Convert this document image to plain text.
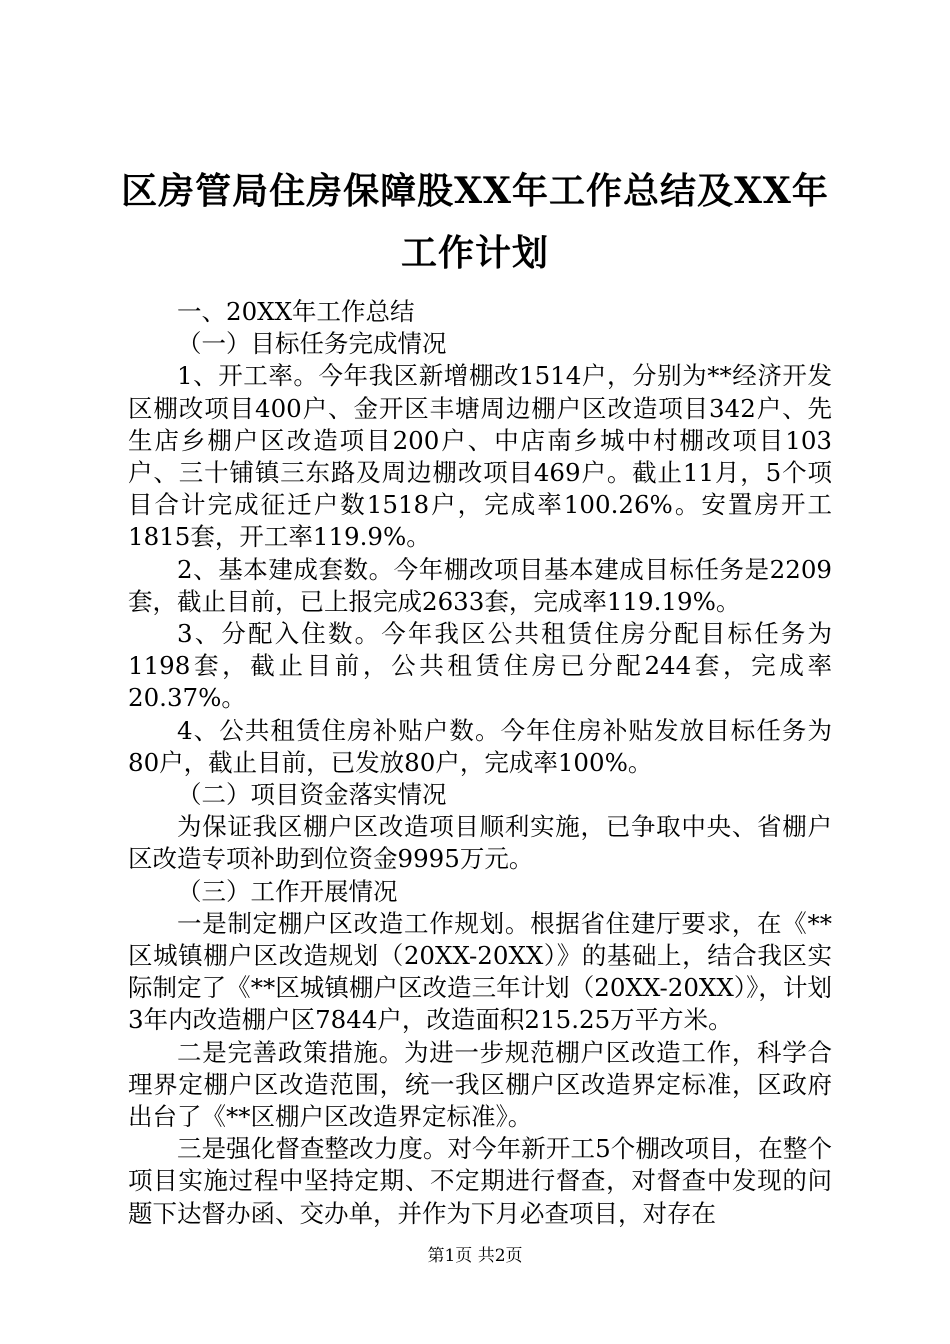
区房管局住房保障股XX年工作总结及XX年工作计划

一、20XX年工作总结

（一）目标任务完成情况

1、开工率。今年我区新增棚改1514户，分别为**经济开发区棚改项目400户、金开区丰塘周边棚户区改造项目342户、先生店乡棚户区改造项目200户、中店南乡城中村棚改项目103户、三十铺镇三东路及周边棚改项目469户。截止11月，5个项目合计完成征迁户数1518户，完成率100.26%。安置房开工1815套，开工率119.9%。

2、基本建成套数。今年棚改项目基本建成目标任务是2209套，截止目前，已上报完成2633套，完成率119.19%。

3、分配入住数。今年我区公共租赁住房分配目标任务为1198套，截止目前，公共租赁住房已分配244套，完成率20.37%。

4、公共租赁住房补贴户数。今年住房补贴发放目标任务为80户，截止目前，已发放80户，完成率100%。

（二）项目资金落实情况

为保证我区棚户区改造项目顺利实施，已争取中央、省棚户区改造专项补助到位资金9995万元。

（三）工作开展情况

一是制定棚户区改造工作规划。根据省住建厅要求，在《**区城镇棚户区改造规划（20XX-20XX）》的基础上，结合我区实际制定了《**区城镇棚户区改造三年计划（20XX-20XX）》，计划3年内改造棚户区7844户，改造面积215.25万平方米。

二是完善政策措施。为进一步规范棚户区改造工作，科学合理界定棚户区改造范围，统一我区棚户区改造界定标准，区政府出台了《**区棚户区改造界定标准》。

三是强化督查整改力度。对今年新开工5个棚改项目，在整个项目实施过程中坚持定期、不定期进行督查，对督查中发现的问题下达督办函、交办单，并作为下月必查项目，对存在

第1页 共2页
